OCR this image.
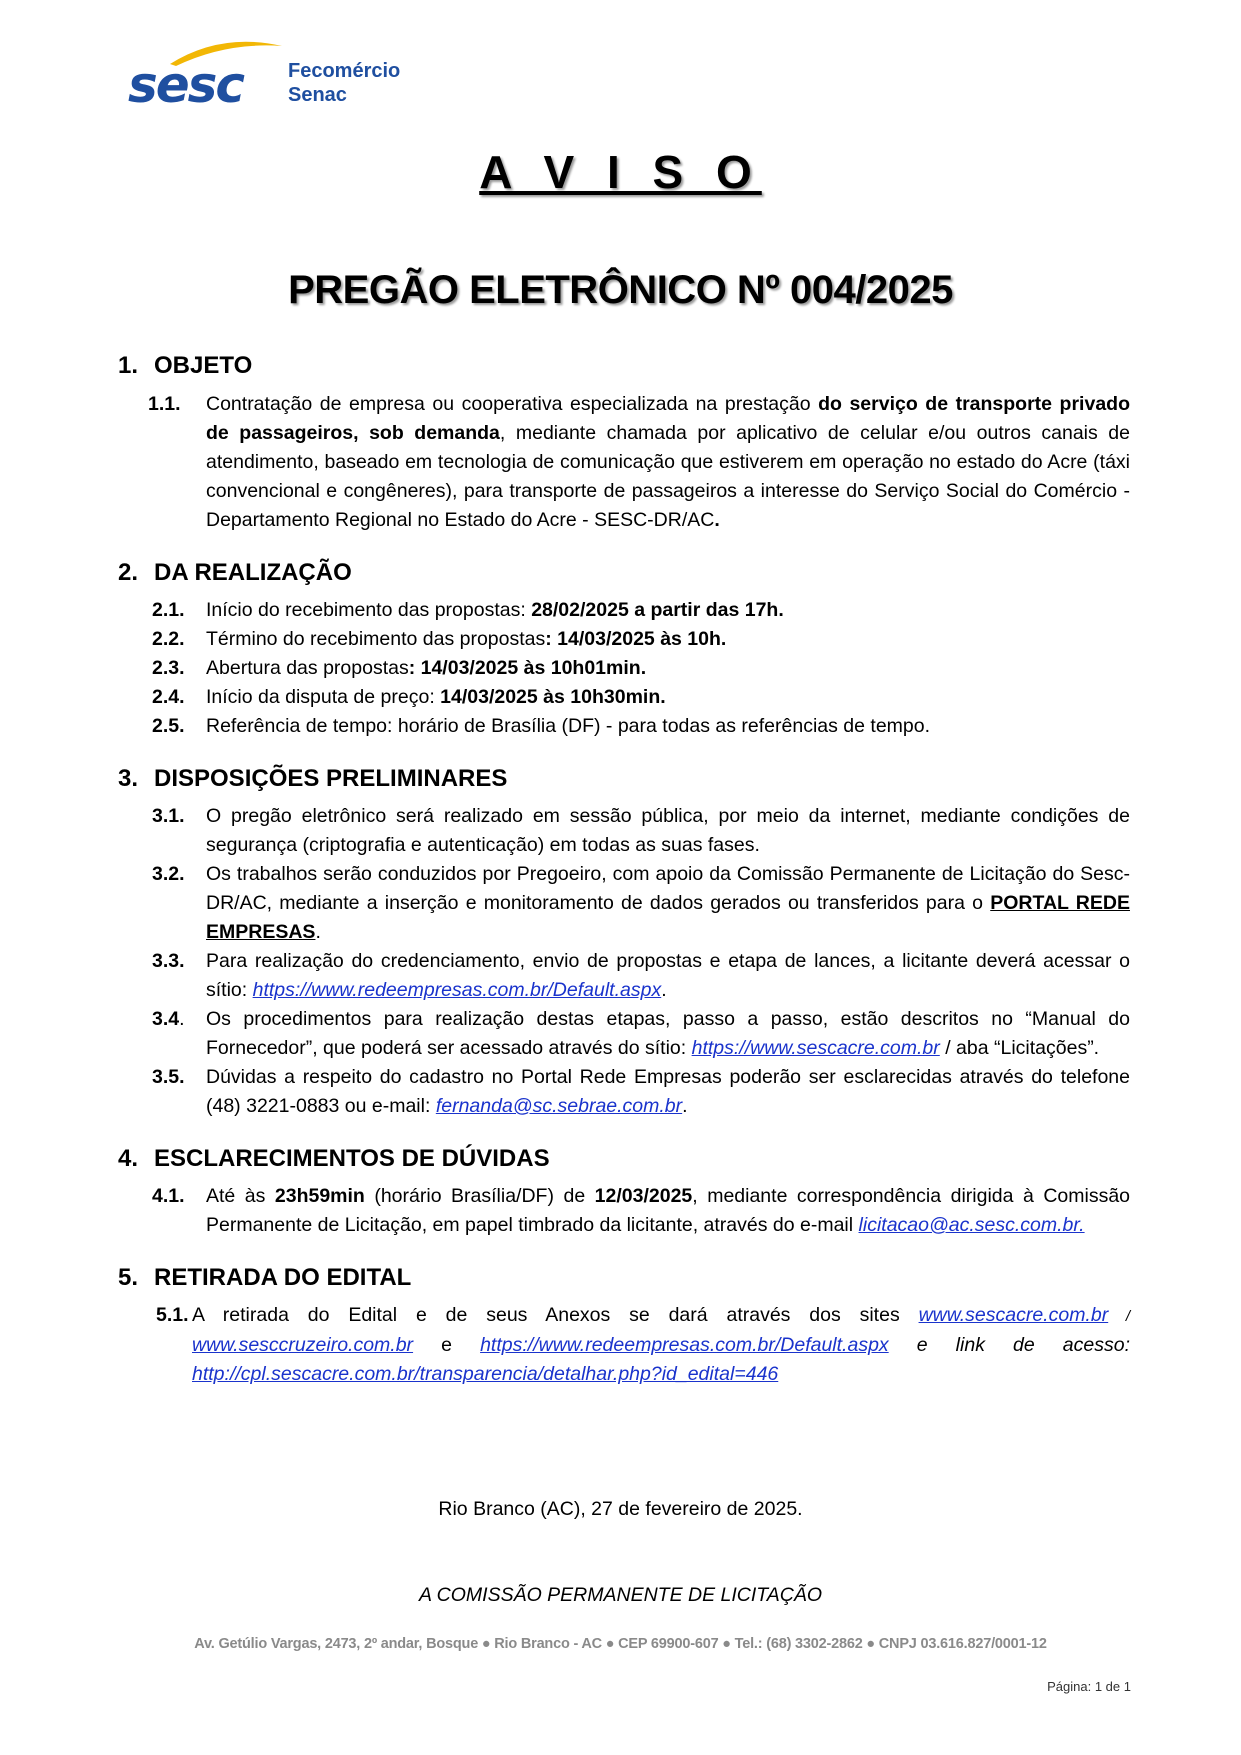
sesc Fecomércio
Senac
A V I S O
PREGÃO ELETRÔNICO Nº 004/2025
1. OBJETO
1.1. Contratação de empresa ou cooperativa especializada na prestação do serviço de transporte privado de passageiros, sob demanda, mediante chamada por aplicativo de celular e/ou outros canais de atendimento, baseado em tecnologia de comunicação que estiverem em operação no estado do Acre (táxi convencional e congêneres), para transporte de passageiros a interesse do Serviço Social do Comércio - Departamento Regional no Estado do Acre - SESC-DR/AC.
2. DA REALIZAÇÃO
2.1. Início do recebimento das propostas: 28/02/2025 a partir das 17h.
2.2. Término do recebimento das propostas: 14/03/2025 às 10h.
2.3. Abertura das propostas: 14/03/2025 às 10h01min.
2.4. Início da disputa de preço: 14/03/2025 às 10h30min.
2.5. Referência de tempo: horário de Brasília (DF) - para todas as referências de tempo.
3. DISPOSIÇÕES PRELIMINARES
3.1. O pregão eletrônico será realizado em sessão pública, por meio da internet, mediante condições de segurança (criptografia e autenticação) em todas as suas fases.
3.2. Os trabalhos serão conduzidos por Pregoeiro, com apoio da Comissão Permanente de Licitação do Sesc-DR/AC, mediante a inserção e monitoramento de dados gerados ou transferidos para o PORTAL REDE EMPRESAS.
3.3. Para realização do credenciamento, envio de propostas e etapa de lances, a licitante deverá acessar o sítio: https://www.redeempresas.com.br/Default.aspx.
3.4. Os procedimentos para realização destas etapas, passo a passo, estão descritos no “Manual do Fornecedor”, que poderá ser acessado através do sítio: https://www.sescacre.com.br / aba “Licitações”.
3.5. Dúvidas a respeito do cadastro no Portal Rede Empresas poderão ser esclarecidas através do telefone (48) 3221-0883 ou e-mail: fernanda@sc.sebrae.com.br.
4. ESCLARECIMENTOS DE DÚVIDAS
4.1. Até às 23h59min (horário Brasília/DF) de 12/03/2025, mediante correspondência dirigida à Comissão Permanente de Licitação, em papel timbrado da licitante, através do e-mail licitacao@ac.sesc.com.br.
5. RETIRADA DO EDITAL
5.1. A retirada do Edital e de seus Anexos se dará através dos sites www.sescacre.com.br / www.sesccruzeiro.com.br e https://www.redeempresas.com.br/Default.aspx e link de acesso: http://cpl.sescacre.com.br/transparencia/detalhar.php?id_edital=446
Rio Branco (AC), 27 de fevereiro de 2025.
A COMISSÃO PERMANENTE DE LICITAÇÃO
Av. Getúlio Vargas, 2473, 2º andar, Bosque ● Rio Branco - AC ● CEP 69900-607 ● Tel.: (68) 3302-2862 ● CNPJ 03.616.827/0001-12
Página: 1 de 1
